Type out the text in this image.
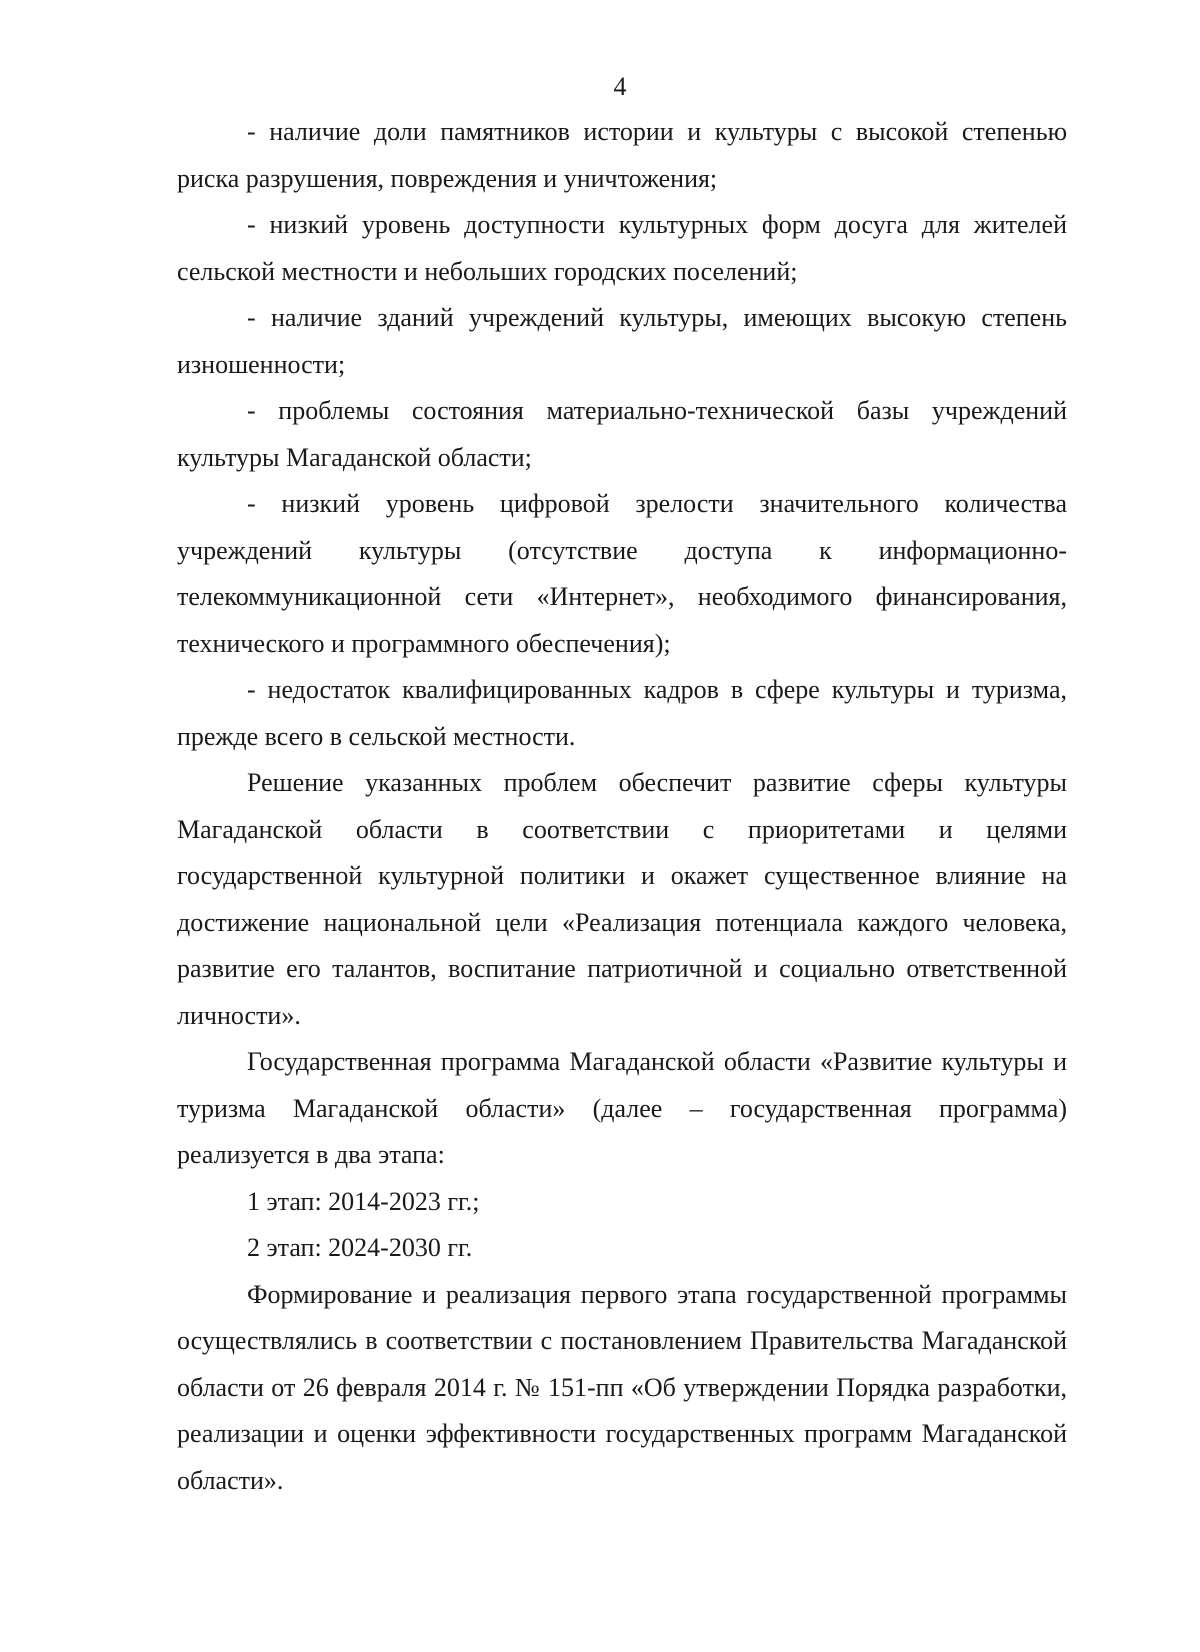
4

- наличие доли памятников истории и культуры с высокой степенью риска разрушения, повреждения и уничтожения;

- низкий уровень доступности культурных форм досуга для жителей сельской местности и небольших городских поселений;

- наличие зданий учреждений культуры, имеющих высокую степень изношенности;

- проблемы состояния материально-технической базы учреждений культуры Магаданской области;

- низкий уровень цифровой зрелости значительного количества учреждений культуры (отсутствие доступа к информационно-телекоммуникационной сети «Интернет», необходимого финансирования, технического и программного обеспечения);

- недостаток квалифицированных кадров в сфере культуры и туризма, прежде всего в сельской местности.

Решение указанных проблем обеспечит развитие сферы культуры Магаданской области в соответствии с приоритетами и целями государственной культурной политики и окажет существенное влияние на достижение национальной цели «Реализация потенциала каждого человека, развитие его талантов, воспитание патриотичной и социально ответственной личности».

Государственная программа Магаданской области «Развитие культуры и туризма Магаданской области» (далее – государственная программа) реализуется в два этапа:

1 этап: 2014-2023 гг.;

2 этап: 2024-2030 гг.

Формирование и реализация первого этапа государственной программы осуществлялись в соответствии с постановлением Правительства Магаданской области от 26 февраля 2014 г. № 151-пп «Об утверждении Порядка разработки, реализации и оценки эффективности государственных программ Магаданской области».
